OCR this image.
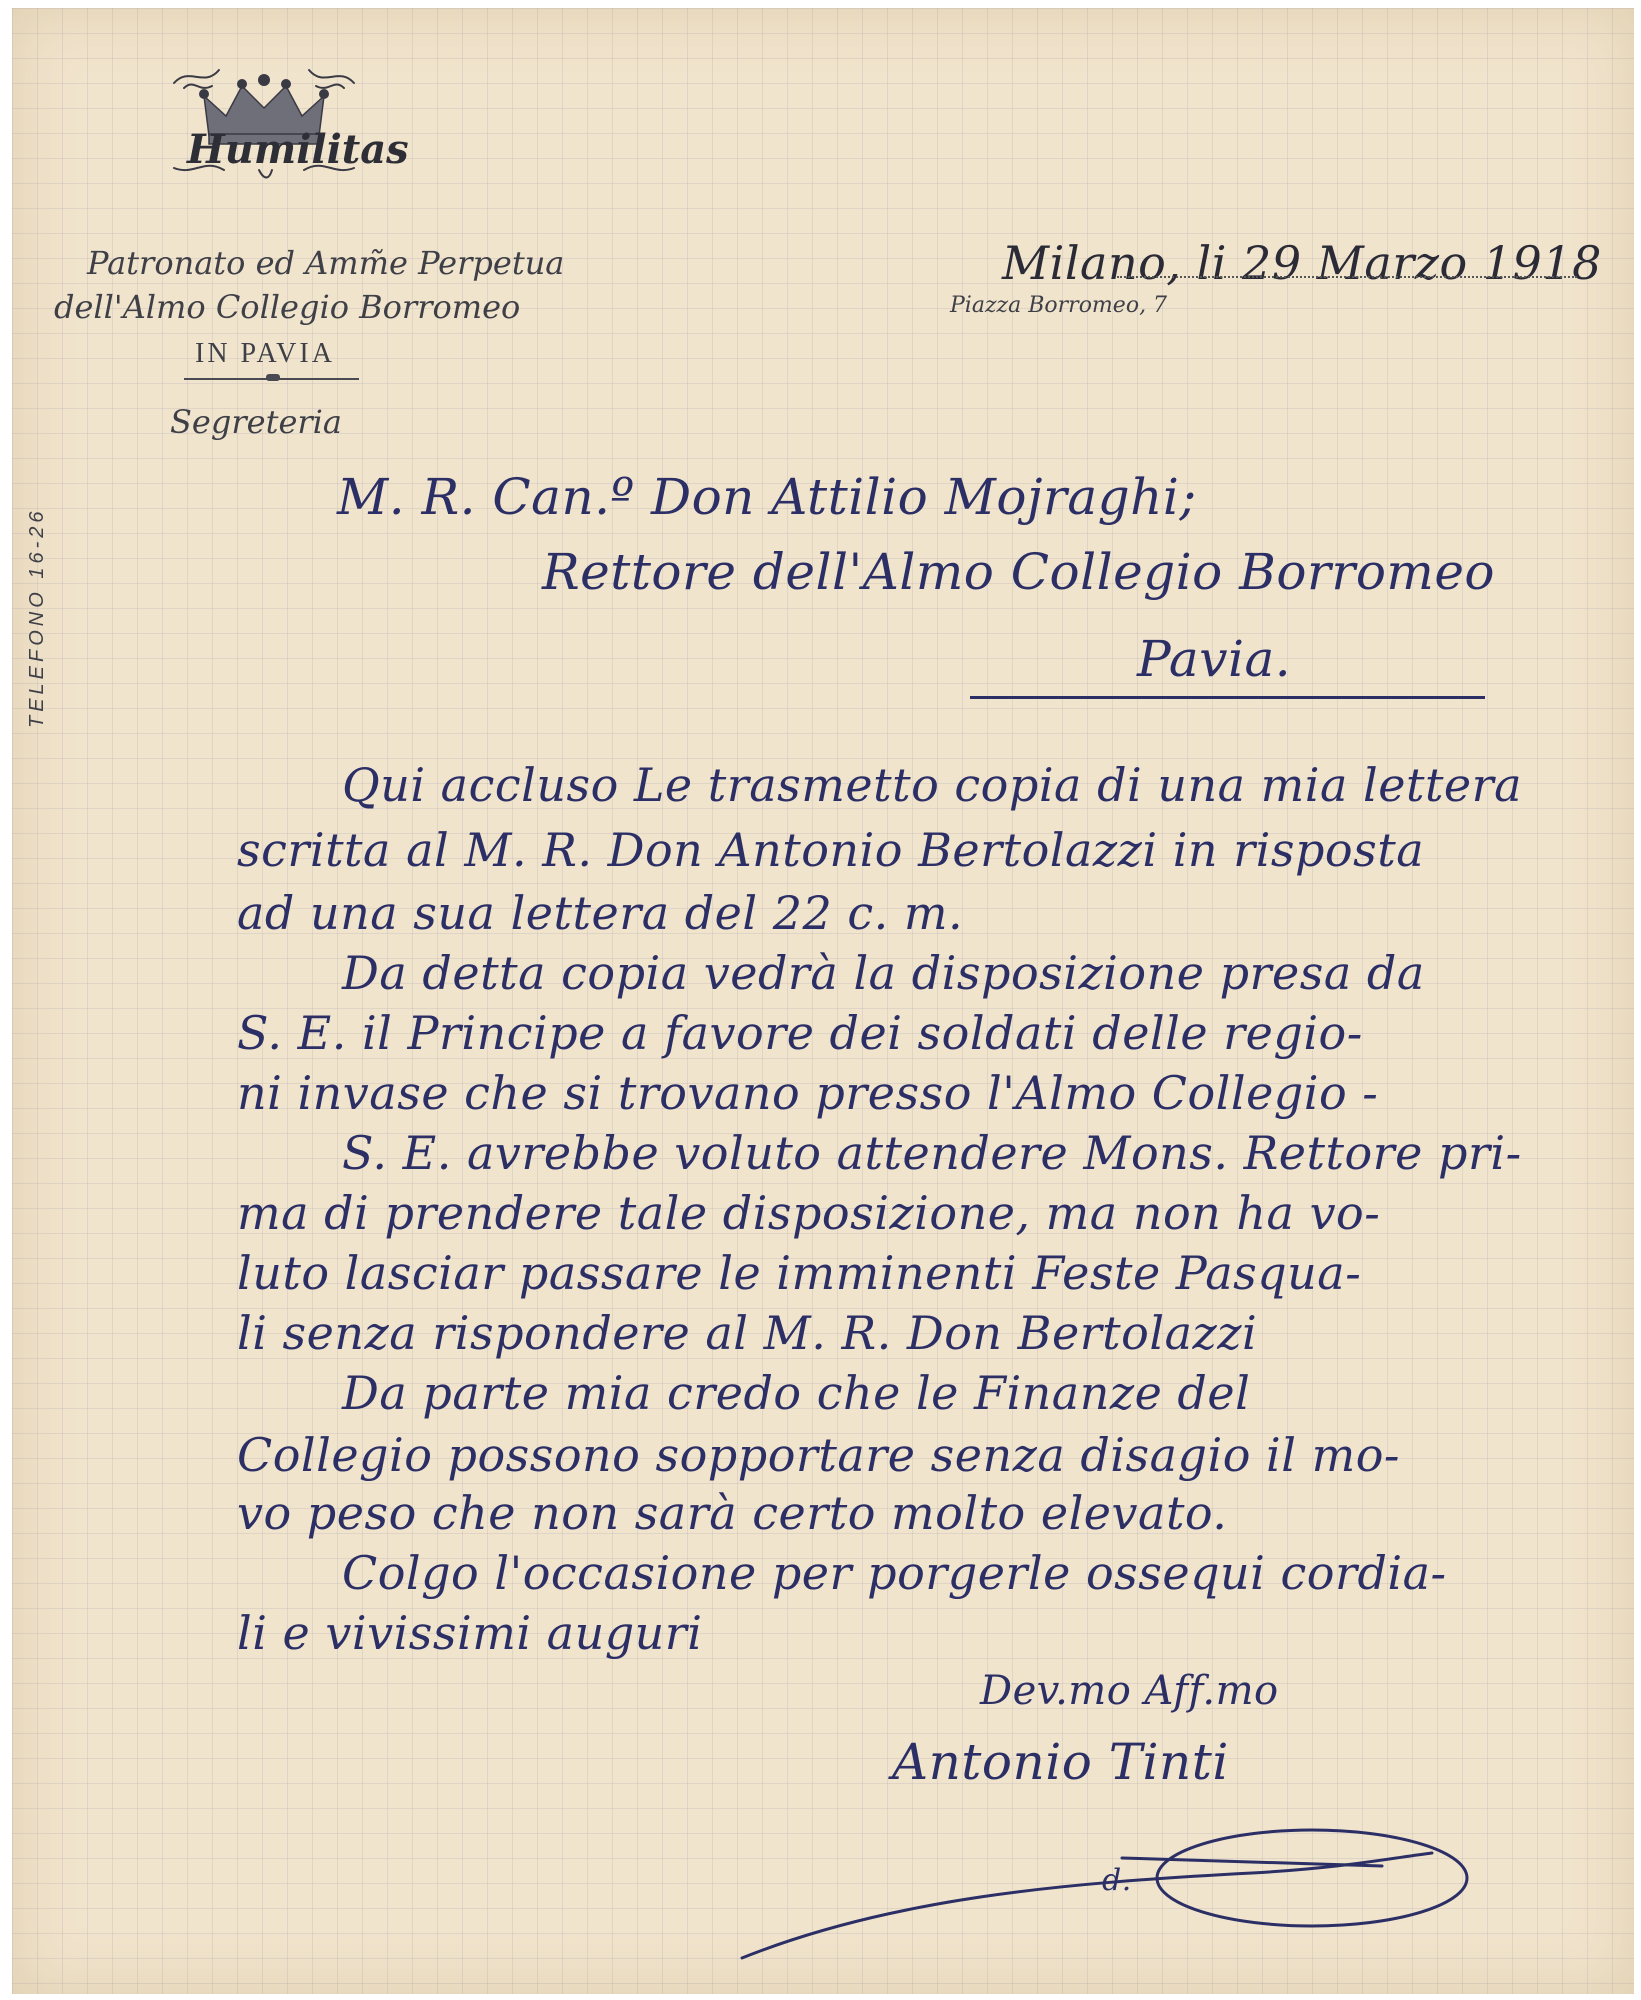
Humilitas
Patronato ed Amm̃e Perpetua
dell'Almo Collegio Borromeo
IN PAVIA
Segreteria
TELEFONO 16-26
Milano, li 29 Marzo 1918
Piazza Borromeo, 7
M. R. Can.º Don Attilio Mojraghi;
Rettore dell'Almo Collegio Borromeo
Pavia.
Qui accluso Le trasmetto copia di una mia lettera
scritta al M. R. Don Antonio Bertolazzi in risposta
ad una sua lettera del 22 c. m.
Da detta copia vedrà la disposizione presa da
S. E. il Principe a favore dei soldati delle regio-
ni invase che si trovano presso l'Almo Collegio -
S. E. avrebbe voluto attendere Mons. Rettore pri-
ma di prendere tale disposizione, ma non ha vo-
luto lasciar passare le imminenti Feste Pasqua-
li senza rispondere al M. R. Don Bertolazzi
Da parte mia credo che le Finanze del
Collegio possono sopportare senza disagio il mo-
vo peso che non sarà certo molto elevato.
Colgo l'occasione per porgerle ossequi cordia-
li e vivissimi auguri
Dev.mo Aff.mo
Antonio Tinti
d.
